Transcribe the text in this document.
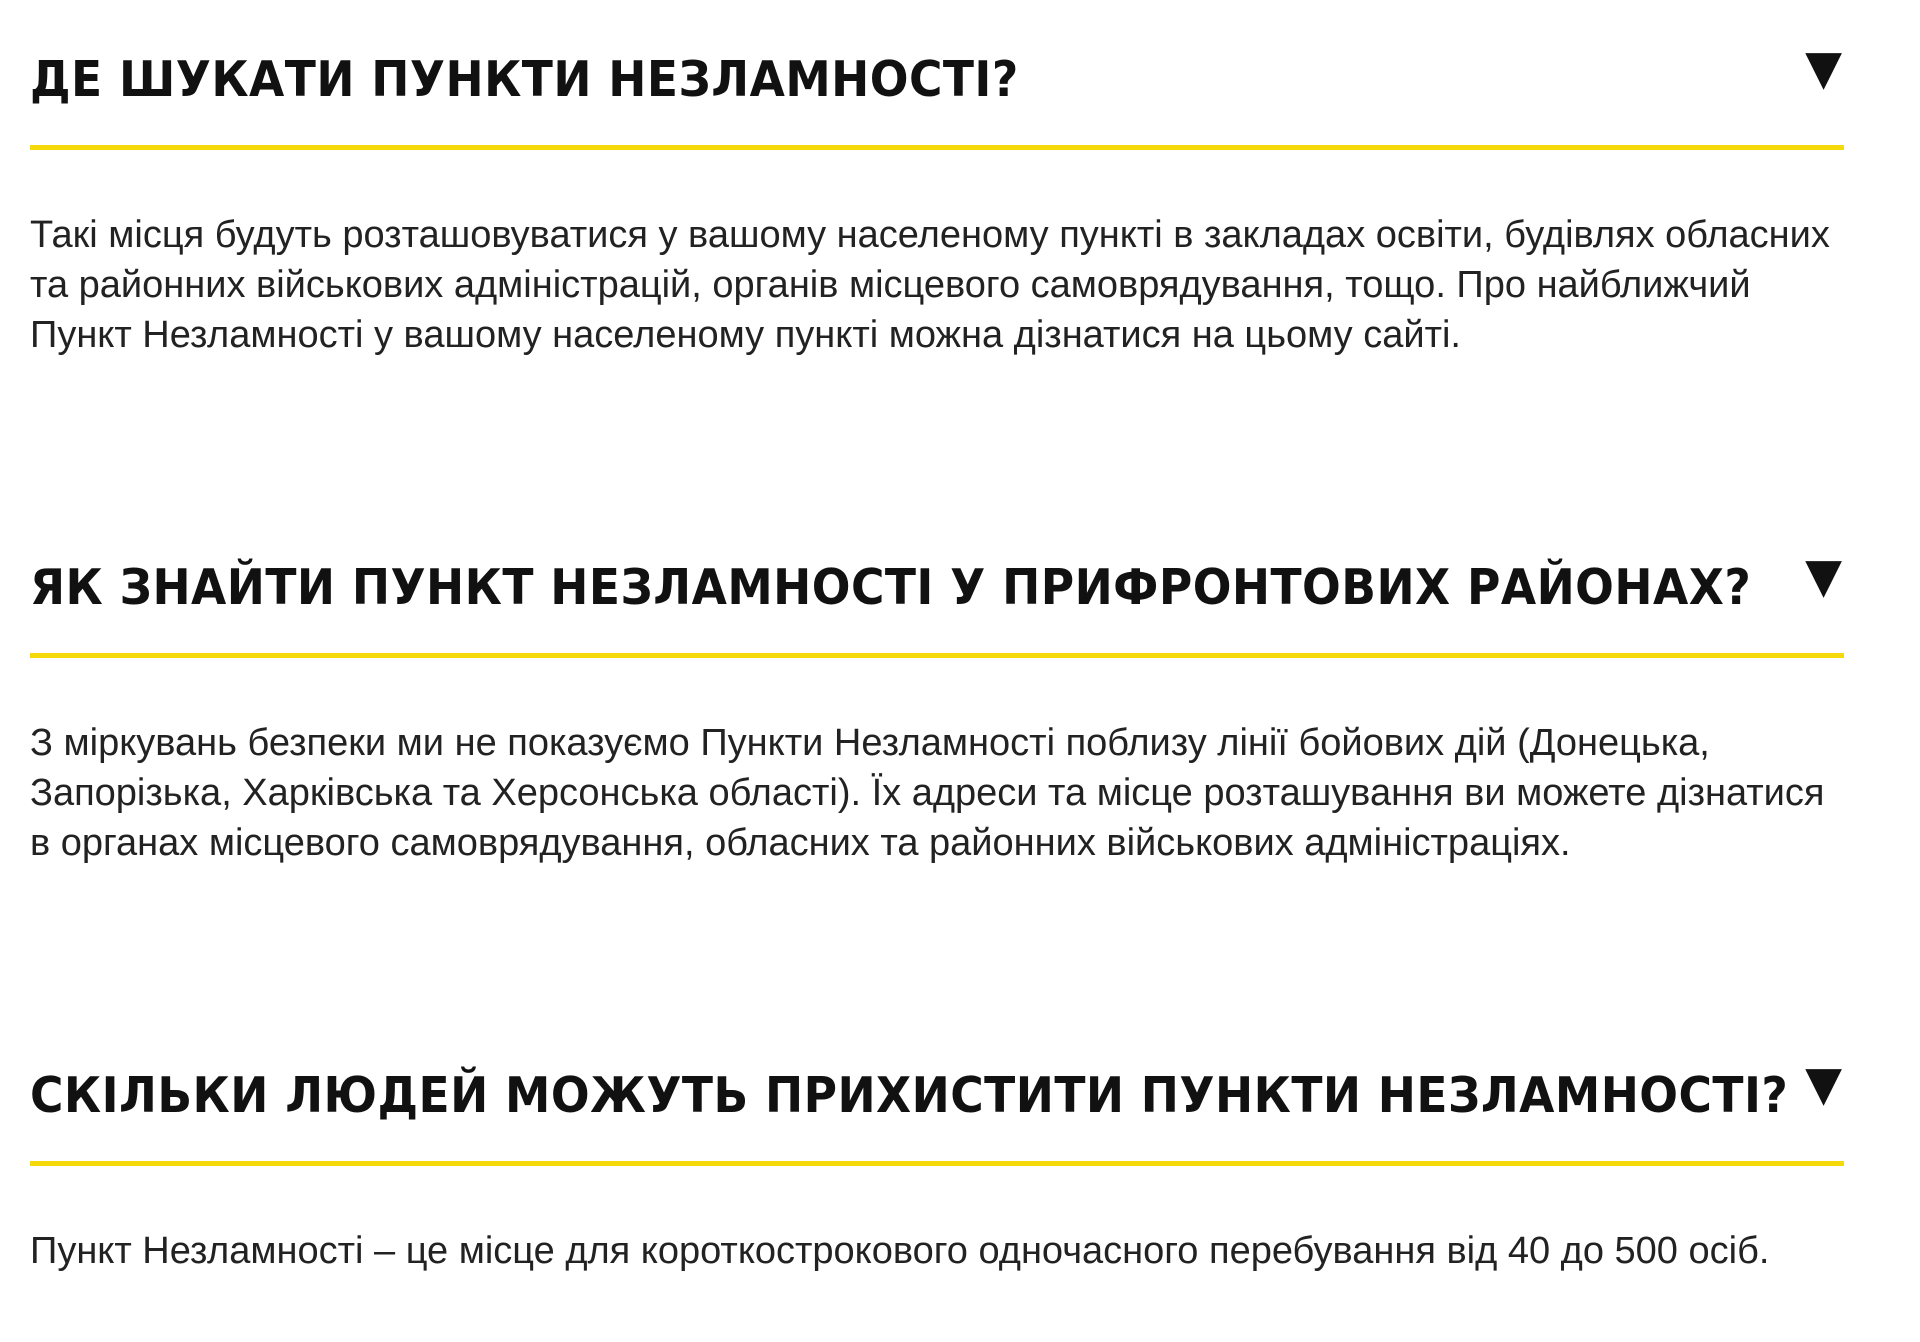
ДЕ ШУКАТИ ПУНКТИ НЕЗЛАМНОСТІ?	▼

Такі місця будуть розташовуватися у вашому населеному пункті в закладах освіти, будівлях обласних та районних військових адміністрацій, органів місцевого самоврядування, тощо. Про найближчий Пункт Незламності у вашому населеному пункті можна дізнатися на цьому сайті.

ЯК ЗНАЙТИ ПУНКТ НЕЗЛАМНОСТІ У ПРИФРОНТОВИХ РАЙОНАХ? ▼

З міркувань безпеки ми не показуємо Пункти Незламності поблизу лінії бойових дій (Донецька, Запорізька, Харківська та Херсонська області). Їх адреси та місце розташування ви можете дізнатися в органах місцевого самоврядування, обласних та районних військових адміністраціях.

СКІЛЬКИ ЛЮДЕЙ МОЖУТЬ ПРИХИСТИТИ ПУНКТИ НЕЗЛАМНОСТІ? ▼

Пункт Незламності – це місце для короткострокового одночасного перебування від 40 до 500 осіб.
